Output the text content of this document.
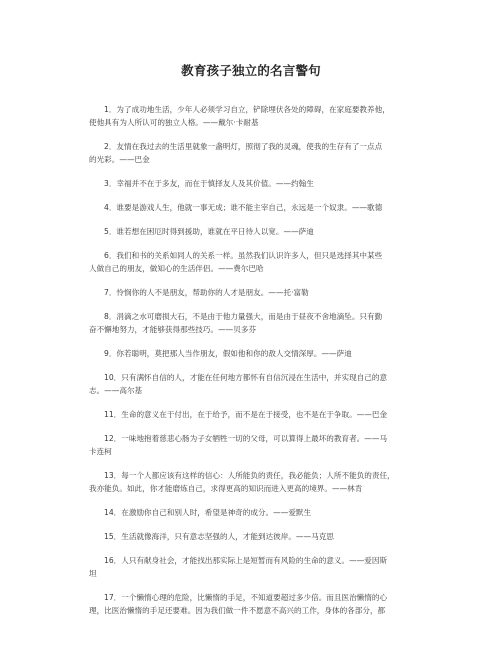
教育孩子独立的名言警句
1．为了成功地生活，少年人必须学习自立，铲除埋伏各处的障碍，在家庭要教养他，
使他具有为人所认可的独立人格。——戴尔·卡耐基
2．友情在我过去的生活里就象一盏明灯，照彻了我的灵魂，使我的生存有了一点点
的光彩。——巴金
3．幸福并不在于多友，而在于慎择友人及其价值。——约翰生
4．谁要是游戏人生，他就一事无成；谁不能主宰自己，永远是一个奴隶。——歌德
5．谁若想在困厄时得到援助，谁就在平日待人以宽。——萨迪
6．我们和书的关系如同人的关系一样。虽然我们认识许多人，但只是选择其中某些
人做自己的朋友，做知心的生活伴侣。——费尔巴哈
7．怜悯你的人不是朋友，帮助你的人才是朋友。——托·富勒
8．涓滴之水可磨损大石，不是由于他力量强大，而是由于昼夜不舍地滴坠。只有勤
奋不懈地努力，才能够获得那些技巧。——贝多芬
9．你若聪明，莫把那人当作朋友，假如他和你的敌人交情深厚。——萨迪
10．只有满怀自信的人，才能在任何地方都怀有自信沉浸在生活中，并实现自己的意
志。——高尔基
11．生命的意义在于付出，在于给予，而不是在于接受，也不是在于争取。——巴金
12．一味地抱着慈悲心肠为子女牺牲一切的父母，可以算得上最坏的教育者。——马
卡连柯
13．每一个人都应该有这样的信心：人所能负的责任，我必能负；人所不能负的责任，
我亦能负。如此，你才能磨炼自己，求得更高的知识而进入更高的境界。——林肯
14．在激励你自己和别人时，希望是神奇的成分。——爱默生
15．生活就像海洋，只有意志坚强的人，才能到达彼岸。——马克思
16．人只有献身社会，才能找出那实际上是短暂而有风险的生命的意义。——爱因斯
坦
17．一个懒惰心理的危险，比懒惰的手足，不知道要超过多少倍。而且医治懒惰的心
理，比医治懒惰的手足还要难。因为我们做一件不愿意不高兴的工作，身体的各部分，都
